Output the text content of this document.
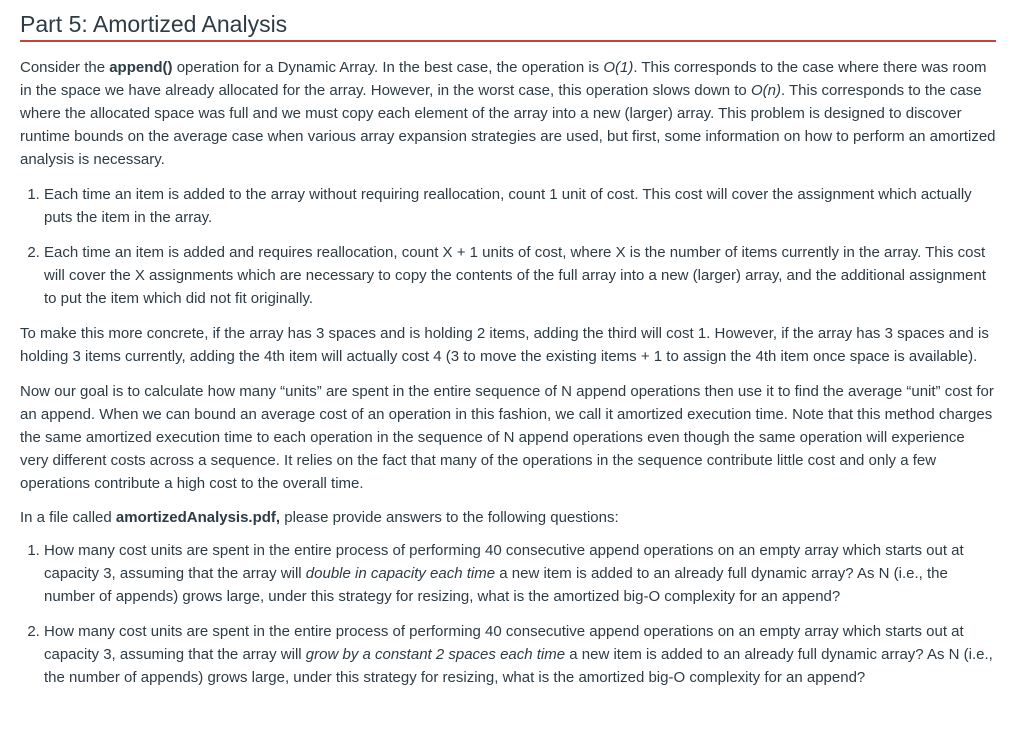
Part 5: Amortized Analysis

Consider the append() operation for a Dynamic Array. In the best case, the operation is O(1). This corresponds to the case where there was room in the space we have already allocated for the array. However, in the worst case, this operation slows down to O(n). This corresponds to the case where the allocated space was full and we must copy each element of the array into a new (larger) array. This problem is designed to discover runtime bounds on the average case when various array expansion strategies are used, but first, some information on how to perform an amortized analysis is necessary.

1. Each time an item is added to the array without requiring reallocation, count 1 unit of cost. This cost will cover the assignment which actually puts the item in the array.
2. Each time an item is added and requires reallocation, count X + 1 units of cost, where X is the number of items currently in the array. This cost will cover the X assignments which are necessary to copy the contents of the full array into a new (larger) array, and the additional assignment to put the item which did not fit originally.

To make this more concrete, if the array has 3 spaces and is holding 2 items, adding the third will cost 1. However, if the array has 3 spaces and is holding 3 items currently, adding the 4th item will actually cost 4 (3 to move the existing items + 1 to assign the 4th item once space is available).

Now our goal is to calculate how many “units” are spent in the entire sequence of N append operations then use it to find the average “unit” cost for an append. When we can bound an average cost of an operation in this fashion, we call it amortized execution time. Note that this method charges the same amortized execution time to each operation in the sequence of N append operations even though the same operation will experience very different costs across a sequence. It relies on the fact that many of the operations in the sequence contribute little cost and only a few operations contribute a high cost to the overall time.

In a file called amortizedAnalysis.pdf, please provide answers to the following questions:

1. How many cost units are spent in the entire process of performing 40 consecutive append operations on an empty array which starts out at capacity 3, assuming that the array will double in capacity each time a new item is added to an already full dynamic array? As N (i.e., the number of appends) grows large, under this strategy for resizing, what is the amortized big-O complexity for an append?
2. How many cost units are spent in the entire process of performing 40 consecutive append operations on an empty array which starts out at capacity 3, assuming that the array will grow by a constant 2 spaces each time a new item is added to an already full dynamic array? As N (i.e., the number of appends) grows large, under this strategy for resizing, what is the amortized big-O complexity for an append?
